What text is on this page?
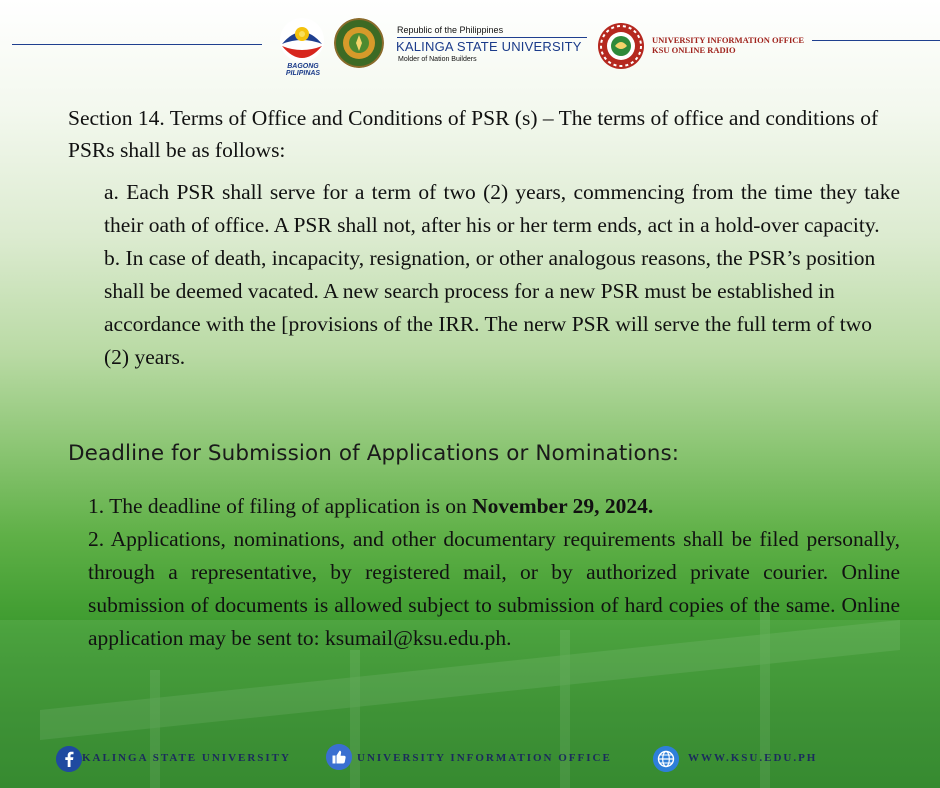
BAGONG PILIPINAS
Republic of the Philippines
KALINGA STATE UNIVERSITY
Molder of Nation Builders
UNIVERSITY INFORMATION OFFICE
KSU ONLINE RADIO
Section 14. Terms of Office and Conditions of PSR (s) – The terms of office and conditions of PSRs shall be as follows:

a. Each PSR shall serve for a term of two (2) years, commencing from the time they take their oath of office. A PSR shall not, after his or her term ends, act in a hold-over capacity.

b. In case of death, incapacity, resignation, or other analogous reasons, the PSR’s position shall be deemed vacated. A new search process for a new PSR must be established in accordance with the [provisions of the IRR. The nerw PSR will serve the full term of two (2) years.

Deadline for Submission of Applications or Nominations:

1. The deadline of filing of application is on November 29, 2024.

2. Applications, nominations, and other documentary requirements shall be filed personally, through a representative, by registered mail, or by authorized private courier. Online submission of documents is allowed subject to submission of hard copies of the same. Online application may be sent to: ksumail@ksu.edu.ph.

KALINGA STATE UNIVERSITY	UNIVERSITY INFORMATION OFFICE	WWW.KSU.EDU.PH
